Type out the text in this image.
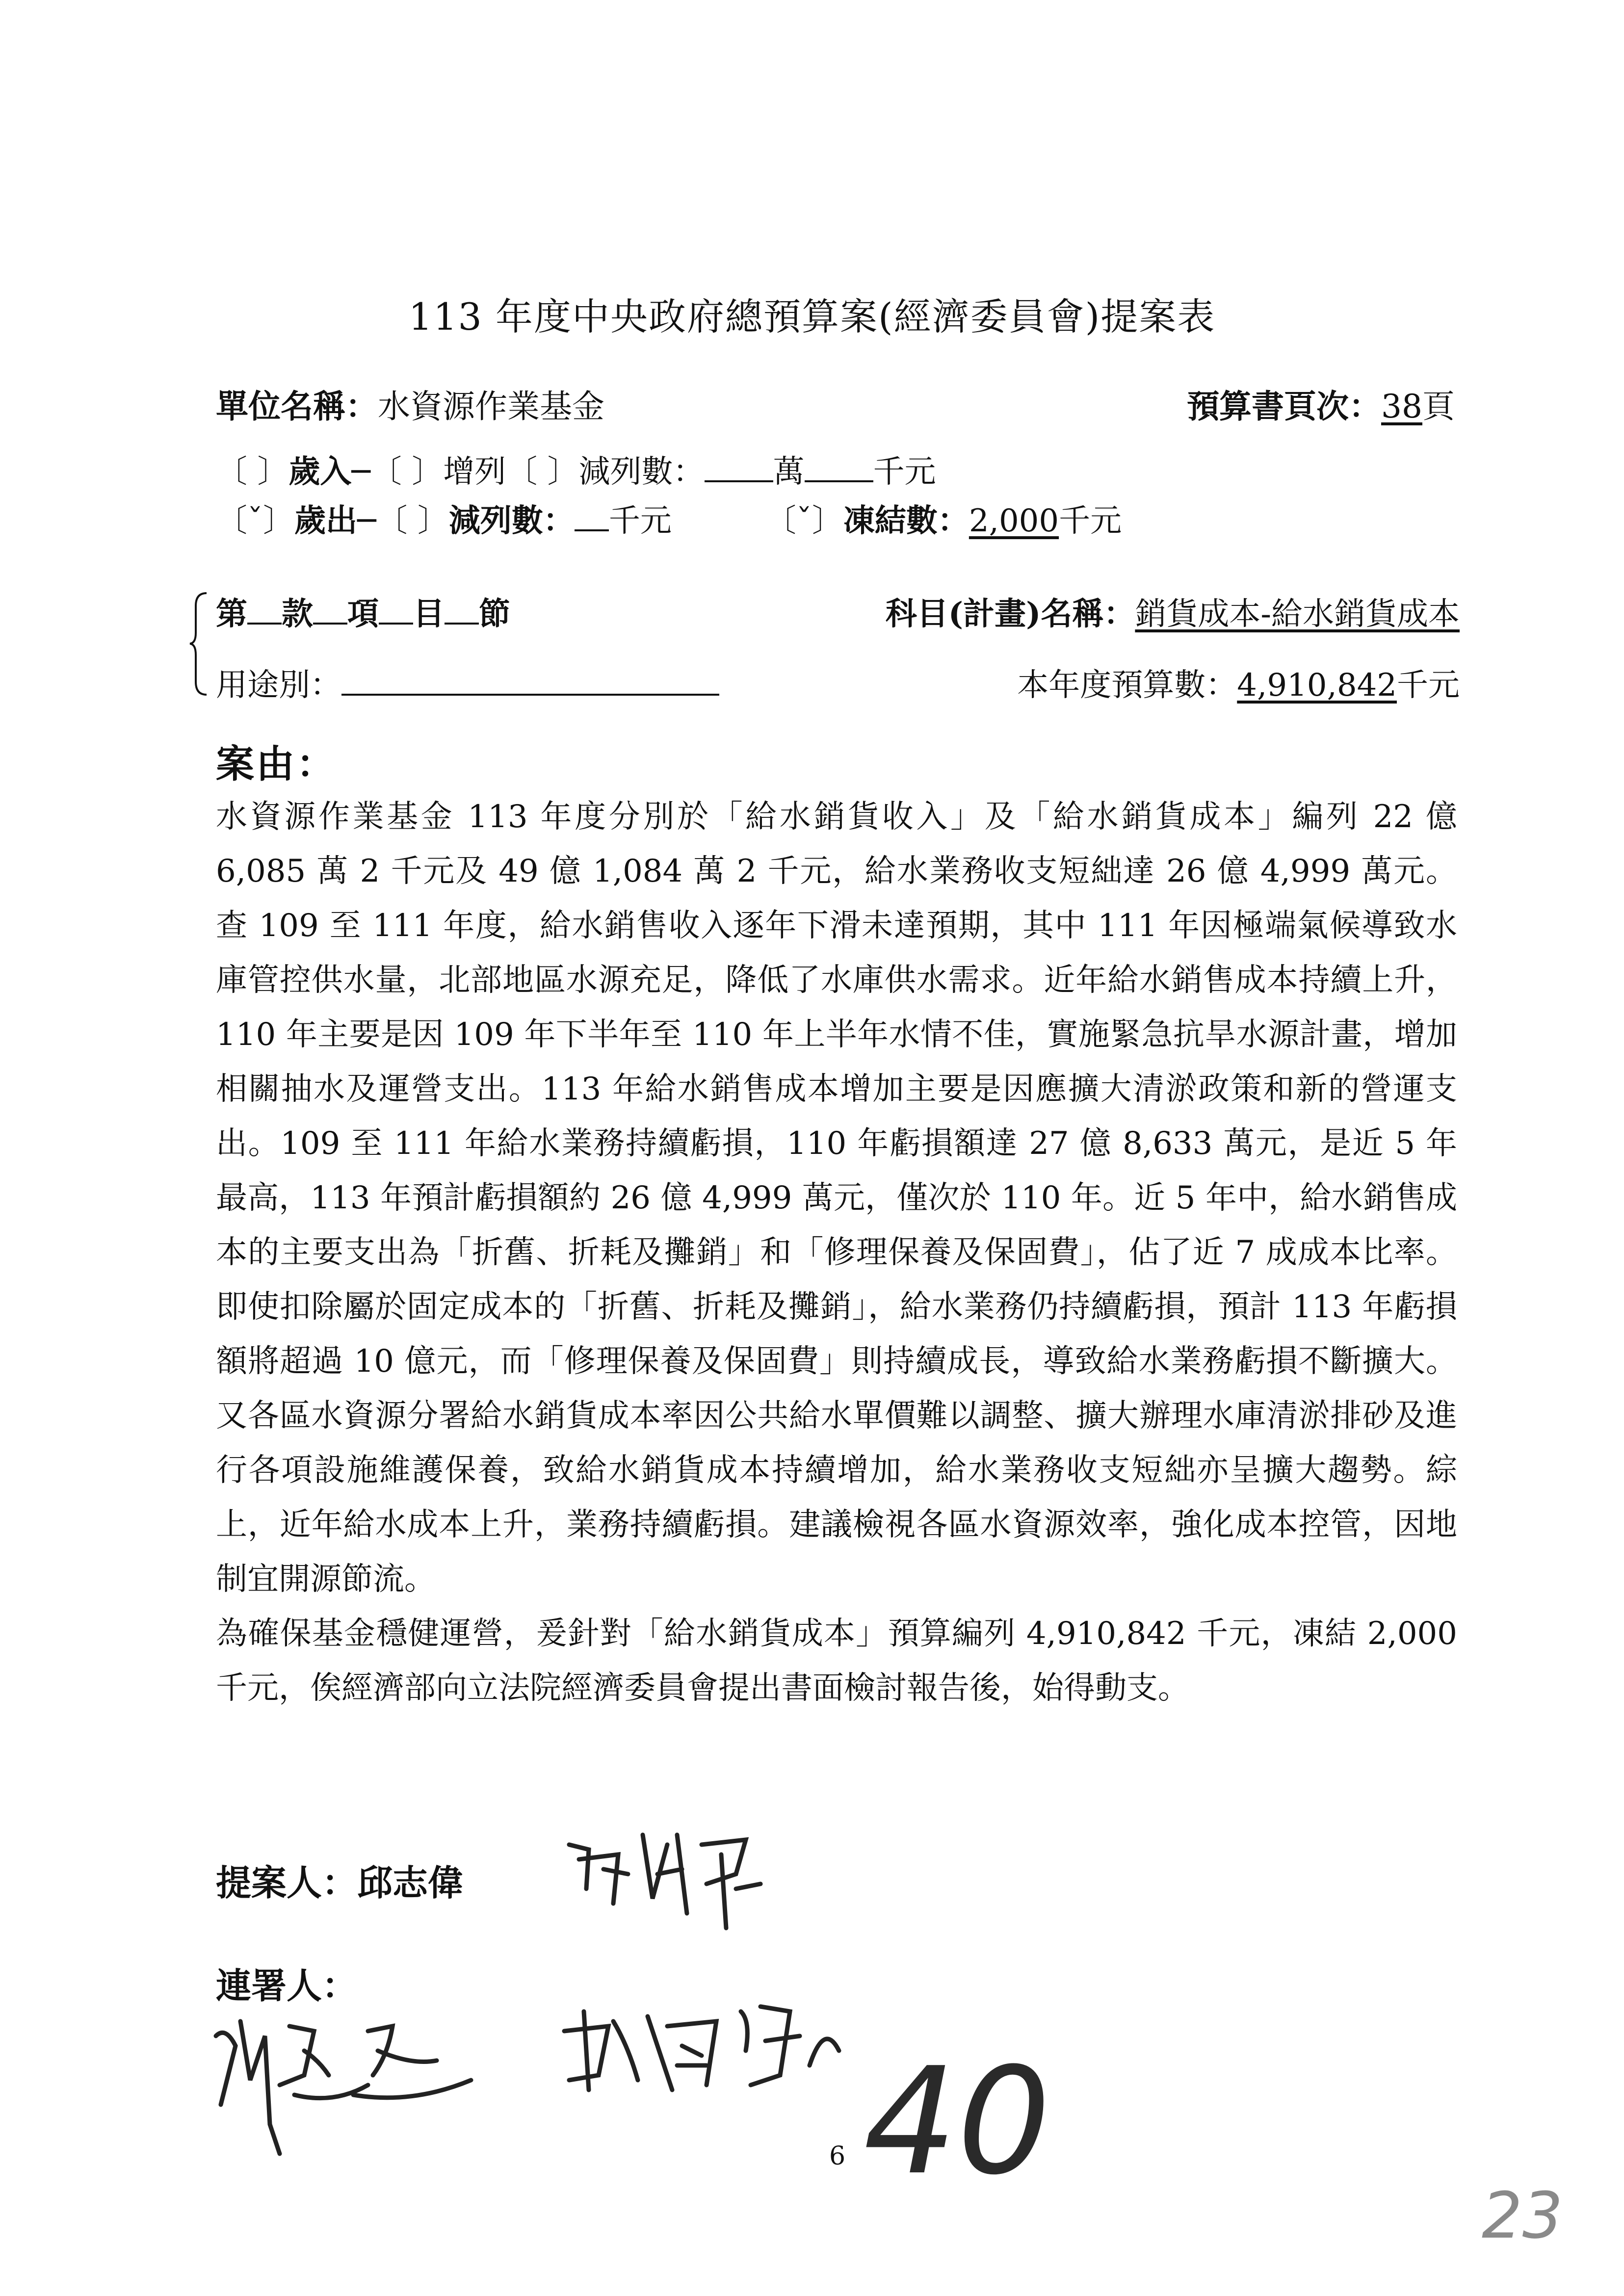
113 年度中央政府總預算案(經濟委員會)提案表
單位名稱：水資源作業基金	預算書頁次：38頁
〔 〕歲入─〔 〕增列〔 〕減列數： 萬 千元
〔ˇ〕歲出─〔 〕減列數： 千元	〔ˇ〕凍結數：2,000千元
第 款 項 目 節	科目(計畫)名稱：銷貨成本-給水銷貨成本
用途別：	本年度預算數：4,910,842千元
案由：

水資源作業基金 113 年度分別於「給水銷貨收入」及「給水銷貨成本」編列 22 億 6,085 萬 2 千元及 49 億 1,084 萬 2 千元，給水業務收支短絀達 26 億 4,999 萬元。查 109 至 111 年度，給水銷售收入逐年下滑未達預期，其中 111 年因極端氣候導致水庫管控供水量，北部地區水源充足，降低了水庫供水需求。近年給水銷售成本持續上升，110 年主要是因 109 年下半年至 110 年上半年水情不佳，實施緊急抗旱水源計畫，增加相關抽水及運營支出。113 年給水銷售成本增加主要是因應擴大清淤政策和新的營運支出。109 至 111 年給水業務持續虧損，110 年虧損額達 27 億 8,633 萬元，是近 5 年最高，113 年預計虧損額約 26 億 4,999 萬元，僅次於 110 年。近 5 年中，給水銷售成本的主要支出為「折舊、折耗及攤銷」和「修理保養及保固費」，佔了近 7 成成本比率。即使扣除屬於固定成本的「折舊、折耗及攤銷」，給水業務仍持續虧損，預計 113 年虧損額將超過 10 億元，而「修理保養及保固費」則持續成長，導致給水業務虧損不斷擴大。又各區水資源分署給水銷貨成本率因公共給水單價難以調整、擴大辦理水庫清淤排砂及進行各項設施維護保養，致給水銷貨成本持續增加，給水業務收支短絀亦呈擴大趨勢。綜上，近年給水成本上升，業務持續虧損。建議檢視各區水資源效率，強化成本控管，因地制宜開源節流。

為確保基金穩健運營，爰針對「給水銷貨成本」預算編列 4,910,842 千元，凍結 2,000 千元，俟經濟部向立法院經濟委員會提出書面檢討報告後，始得動支。

提案人：邱志偉
連署人：
40
6
23
